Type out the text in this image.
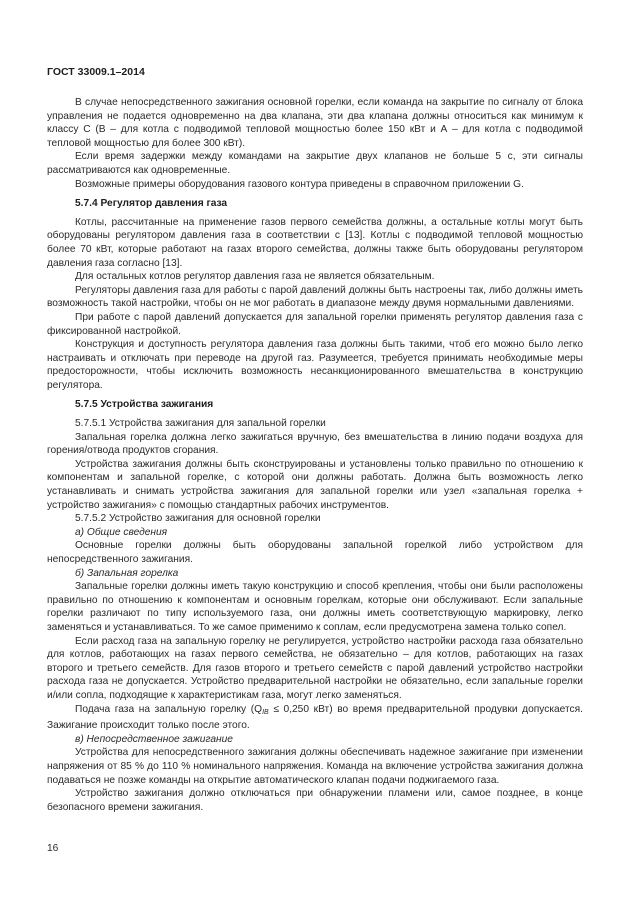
ГОСТ 33009.1–2014

В случае непосредственного зажигания основной горелки, если команда на закрытие по сигналу от блока управления не подается одновременно на два клапана, эти два клапана должны относиться как минимум к классу С (В – для котла с подводимой тепловой мощностью более 150 кВт и А – для котла с подводимой тепловой мощностью для более 300 кВт).

Если время задержки между командами на закрытие двух клапанов не больше 5 с, эти сигналы рассматриваются как одновременные.

Возможные примеры оборудования газового контура приведены в справочном приложении G.

5.7.4 Регулятор давления газа

Котлы, рассчитанные на применение газов первого семейства должны, а остальные котлы могут быть оборудованы регулятором давления газа в соответствии с [13]. Котлы с подводимой тепловой мощностью более 70 кВт, которые работают на газах второго семейства, должны также быть оборудованы регулятором давления газа согласно [13].

Для остальных котлов регулятор давления газа не является обязательным.

Регуляторы давления газа для работы с парой давлений должны быть настроены так, либо должны иметь возможность такой настройки, чтобы он не мог работать в диапазоне между двумя нормальными давлениями.

При работе с парой давлений допускается для запальной горелки применять регулятор давления газа с фиксированной настройкой.

Конструкция и доступность регулятора давления газа должны быть такими, чтоб его можно было легко настраивать и отключать при переводе на другой газ. Разумеется, требуется принимать необходимые меры предосторожности, чтобы исключить возможность несанкционированного вмешательства в конструкцию регулятора.

5.7.5 Устройства зажигания

5.7.5.1 Устройства зажигания для запальной горелки

Запальная горелка должна легко зажигаться вручную, без вмешательства в линию подачи воздуха для горения/отвода продуктов сгорания.

Устройства зажигания должны быть сконструированы и установлены только правильно по отношению к компонентам и запальной горелке, с которой они должны работать. Должна быть возможность легко устанавливать и снимать устройства зажигания для запальной горелки или узел «запальная горелка + устройство зажигания» с помощью стандартных рабочих инструментов.

5.7.5.2 Устройство зажигания для основной горелки

а) Общие сведения

Основные горелки должны быть оборудованы запальной горелкой либо устройством для непосредственного зажигания.

б) Запальная горелка

Запальные горелки должны иметь такую конструкцию и способ крепления, чтобы они были расположены правильно по отношению к компонентам и основным горелкам, которые они обслуживают. Если запальные горелки различают по типу используемого газа, они должны иметь соответствующую маркировку, легко заменяться и устанавливаться. То же самое применимо к соплам, если предусмотрена замена только сопел.

Если расход газа на запальную горелку не регулируется, устройство настройки расхода газа обязательно для котлов, работающих на газах первого семейства, не обязательно – для котлов, работающих на газах второго и третьего семейств. Для газов второго и третьего семейств с парой давлений устройство настройки расхода газа не допускается. Устройство предварительной настройки не обязательно, если запальные горелки и/или сопла, подходящие к характеристикам газа, могут легко заменяться.

Подача газа на запальную горелку (QIB ≤ 0,250 кВт) во время предварительной продувки допускается. Зажигание происходит только после этого.

в) Непосредственное зажигание

Устройства для непосредственного зажигания должны обеспечивать надежное зажигание при изменении напряжения от 85 % до 110 % номинального напряжения. Команда на включение устройства зажигания должна подаваться не позже команды на открытие автоматического клапан подачи поджигаемого газа.

Устройство зажигания должно отключаться при обнаружении пламени или, самое позднее, в конце безопасного времени зажигания.

16
